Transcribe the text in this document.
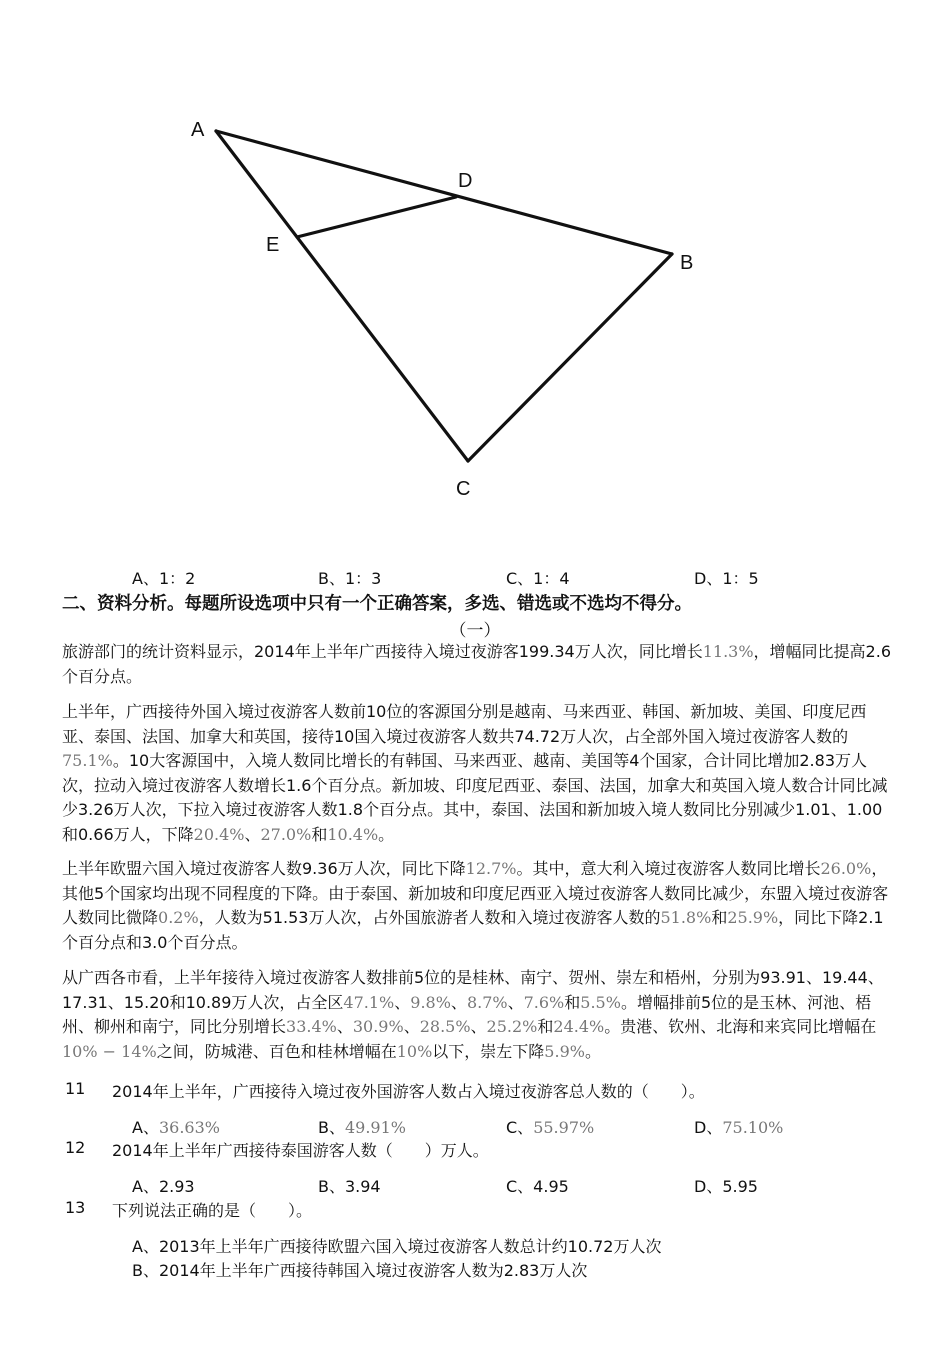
A
D
E
B
C
A、1：2	B、1：3	C、1：4	D、1：5
二、资料分析。每题所设选项中只有一个正确答案，多选、错选或不选均不得分。
（一）

旅游部门的统计资料显示，2014年上半年广西接待入境过夜游客199.34万人次，同比增长11.3%，增幅同比提高2.6个百分点。

上半年，广西接待外国入境过夜游客人数前10位的客源国分别是越南、马来西亚、韩国、新加坡、美国、印度尼西亚、泰国、法国、加拿大和英国，接待10国入境过夜游客人数共74.72万人次，占全部外国入境过夜游客人数的75.1%。10大客源国中，入境人数同比增长的有韩国、马来西亚、越南、美国等4个国家，合计同比增加2.83万人次，拉动入境过夜游客人数增长1.6个百分点。新加坡、印度尼西亚、泰国、法国，加拿大和英国入境人数合计同比减少3.26万人次，下拉入境过夜游客人数1.8个百分点。其中，泰国、法国和新加坡入境人数同比分别减少1.01、1.00和0.66万人，下降20.4%、27.0%和10.4%。

上半年欧盟六国入境过夜游客人数9.36万人次，同比下降12.7%。其中，意大利入境过夜游客人数同比增长26.0%，其他5个国家均出现不同程度的下降。由于泰国、新加坡和印度尼西亚入境过夜游客人数同比减少，东盟入境过夜游客人数同比微降0.2%，人数为51.53万人次，占外国旅游者人数和入境过夜游客人数的51.8%和25.9%，同比下降2.1个百分点和3.0个百分点。

从广西各市看，上半年接待入境过夜游客人数排前5位的是桂林、南宁、贺州、崇左和梧州，分别为93.91、19.44、17.31、15.20和10.89万人次，占全区47.1%、9.8%、8.7%、7.6%和5.5%。增幅排前5位的是玉林、河池、梧州、柳州和南宁，同比分别增长33.4%、30.9%、28.5%、25.2%和24.4%。贵港、钦州、北海和来宾同比增幅在10% − 14%之间，防城港、百色和桂林增幅在10%以下，崇左下降5.9%。

11 2014年上半年，广西接待入境过夜外国游客人数占入境过夜游客总人数的（　　）。
A、36.63%	B、49.91%	C、55.97%	D、75.10%
12 2014年上半年广西接待泰国游客人数（　　）万人。
A、2.93	B、3.94	C、4.95	D、5.95
13 下列说法正确的是（　　）。
A、2013年上半年广西接待欧盟六国入境过夜游客人数总计约10.72万人次
B、2014年上半年广西接待韩国入境过夜游客人数为2.83万人次
